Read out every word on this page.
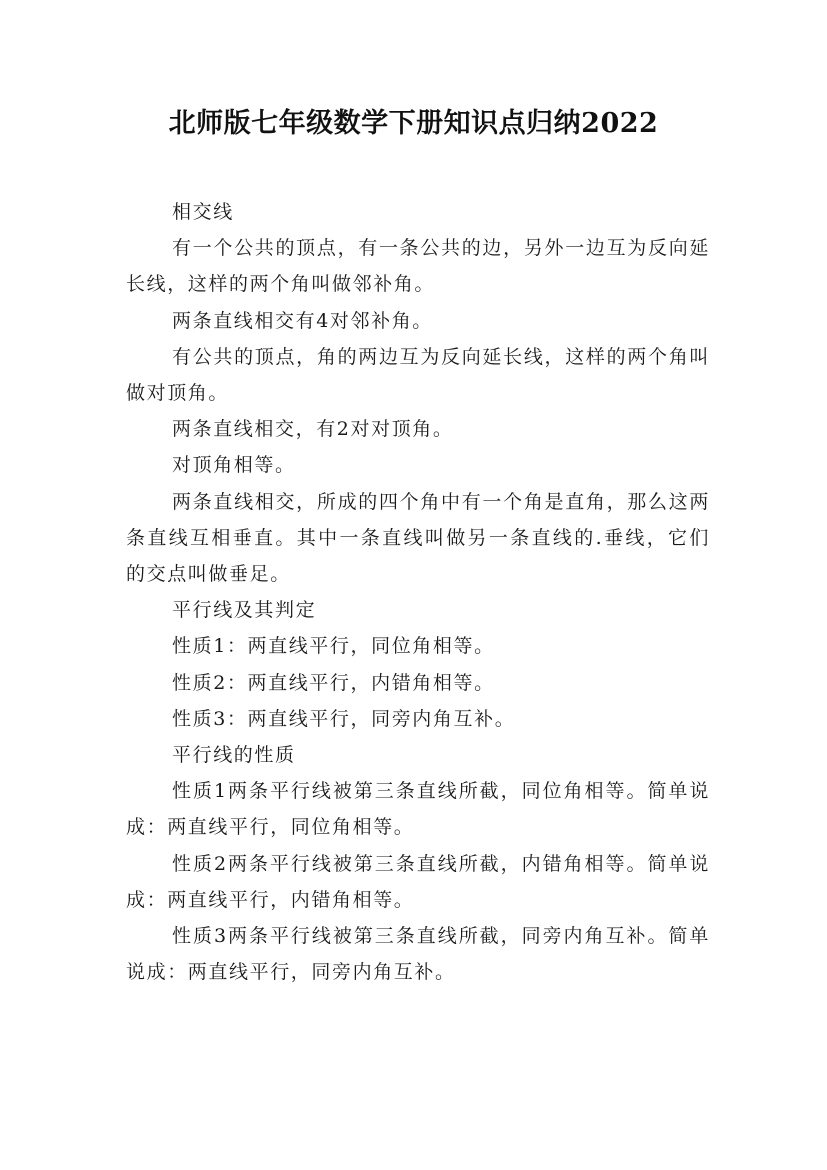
北师版七年级数学下册知识点归纳2022

相交线

有一个公共的顶点，有一条公共的边，另外一边互为反向延长线，这样的两个角叫做邻补角。

两条直线相交有4对邻补角。

有公共的顶点，角的两边互为反向延长线，这样的两个角叫做对顶角。

两条直线相交，有2对对顶角。

对顶角相等。

两条直线相交，所成的四个角中有一个角是直角，那么这两条直线互相垂直。其中一条直线叫做另一条直线的.垂线，它们的交点叫做垂足。

平行线及其判定

性质1：两直线平行，同位角相等。

性质2：两直线平行，内错角相等。

性质3：两直线平行，同旁内角互补。

平行线的性质

性质1两条平行线被第三条直线所截，同位角相等。简单说成：两直线平行，同位角相等。

性质2两条平行线被第三条直线所截，内错角相等。简单说成：两直线平行，内错角相等。

性质3两条平行线被第三条直线所截，同旁内角互补。简单说成：两直线平行，同旁内角互补。
